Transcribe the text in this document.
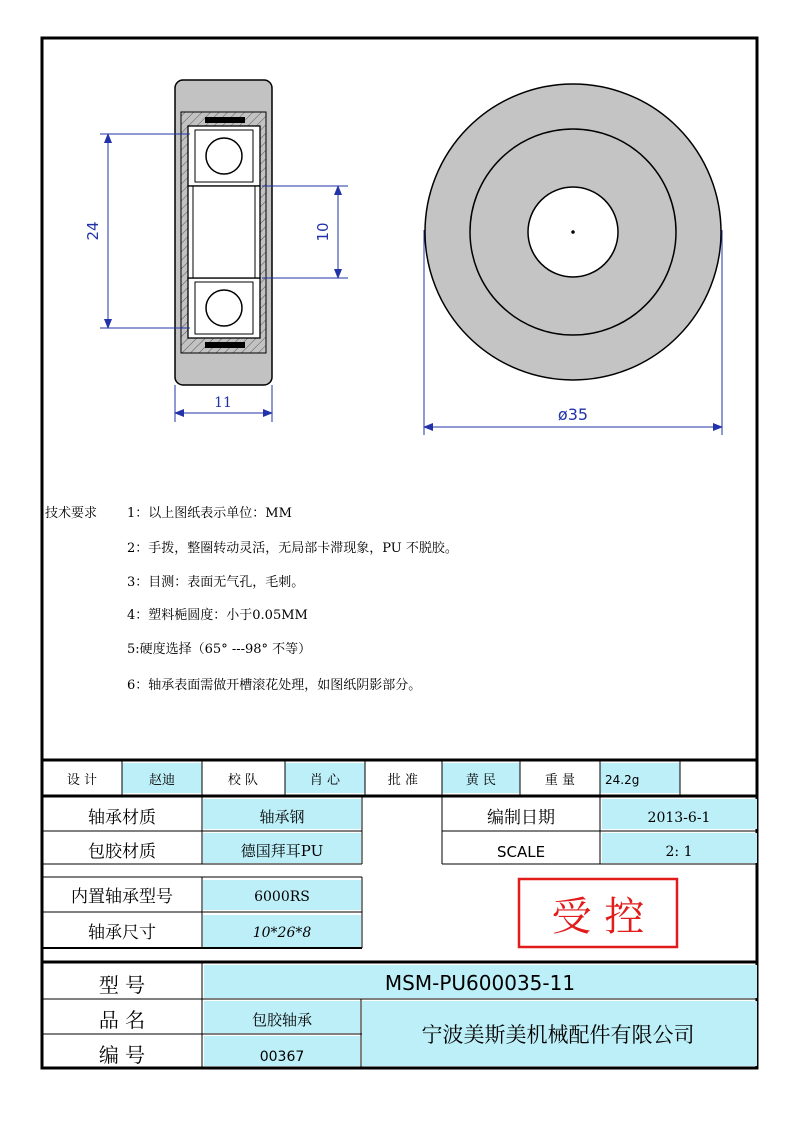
24	10
11
ø35
技术要求 1：以上图纸表示单位：MM
2：手拨，整圈转动灵活，无局部卡滞现象，PU 不脱胶。
3：目测：表面无气孔，毛刺。
4：塑料梔圆度：小于0.05MM
5:硬度选择（65° ---98° 不等）
6：轴承表面需做开槽滚花处理，如图纸阴影部分。
设 计	赵迪	校 队	肖 心	批 准	黄 民	重 量 24.2g
轴承材质	轴承钢	编制日期	2013-6-1
包胶材质	德国拜耳PU	SCALE	2: 1
内置轴承型号	6000RS
轴承尺寸	10*26*8	受 控
型 号	MSM-PU600035-11
品 名	包胶轴承
编 号	00367
宁波美斯美机械配件有限公司
